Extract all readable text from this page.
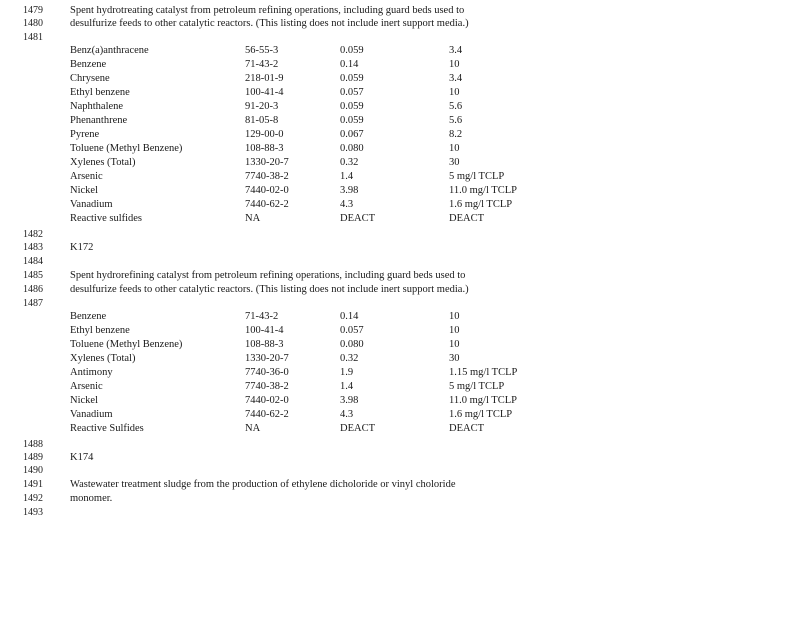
1479	Spent hydrotreating catalyst from petroleum refining operations, including guard beds used to
1480	desulfurize feeds to other catalytic reactors. (This listing does not include inert support media.)
1481
Benz(a)anthracene	56-55-3	0.059	3.4
Benzene	71-43-2	0.14	10
Chrysene	218-01-9	0.059	3.4
Ethyl benzene	100-41-4	0.057	10
Naphthalene	91-20-3	0.059	5.6
Phenanthrene	81-05-8	0.059	5.6
Pyrene	129-00-0	0.067	8.2
Toluene (Methyl Benzene)	108-88-3	0.080	10
Xylenes (Total)	1330-20-7	0.32	30
Arsenic	7740-38-2	1.4	5 mg/l TCLP
Nickel	7440-02-0	3.98	11.0 mg/l TCLP
Vanadium	7440-62-2	4.3	1.6 mg/l TCLP
Reactive sulfides	NA	DEACT	DEACT
1482
1483	K172
1484
1485	Spent hydrorefining catalyst from petroleum refining operations, including guard beds used to
1486	desulfurize feeds to other catalytic reactors. (This listing does not include inert support media.)
1487
Benzene	71-43-2	0.14	10
Ethyl benzene	100-41-4	0.057	10
Toluene (Methyl Benzene)	108-88-3	0.080	10
Xylenes (Total)	1330-20-7	0.32	30
Antimony	7740-36-0	1.9	1.15 mg/l TCLP
Arsenic	7740-38-2	1.4	5 mg/l TCLP
Nickel	7440-02-0	3.98	11.0 mg/l TCLP
Vanadium	7440-62-2	4.3	1.6 mg/l TCLP
Reactive Sulfides	NA	DEACT	DEACT
1488
1489	K174
1490
1491	Wastewater treatment sludge from the production of ethylene dicholoride or vinyl choloride
1492	monomer.
1493
